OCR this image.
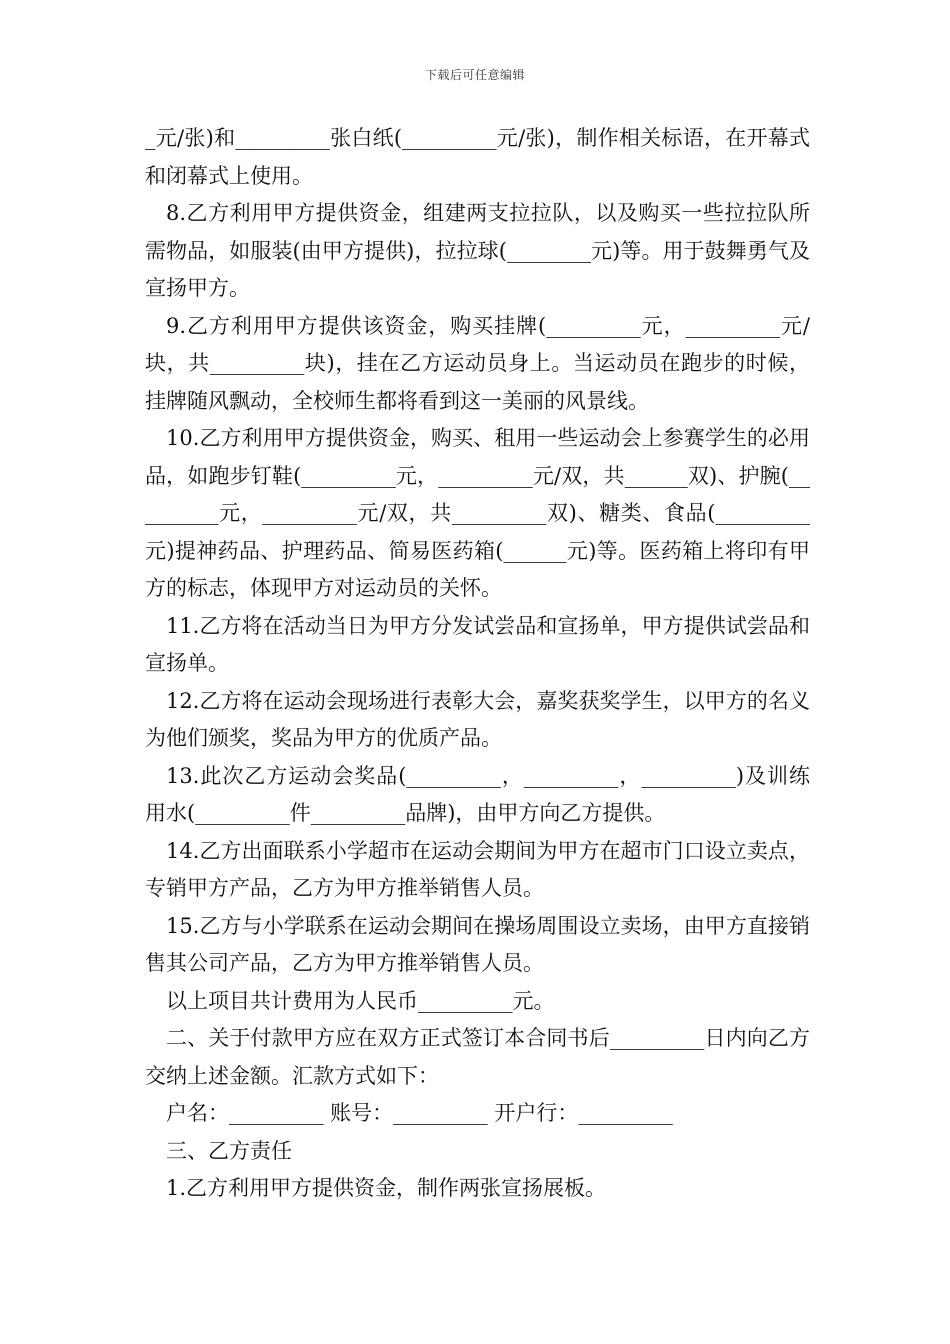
下载后可任意编辑

_元/张)和_________张白纸(_________元/张)，制作相关标语，在开幕式和闭幕式上使用。

8.乙方利用甲方提供资金，组建两支拉拉队，以及购买一些拉拉队所需物品，如服装(由甲方提供)，拉拉球(________元)等。用于鼓舞勇气及宣扬甲方。

9.乙方利用甲方提供该资金，购买挂牌(_________元，_________元/块，共_________块)，挂在乙方运动员身上。当运动员在跑步的时候，挂牌随风飘动，全校师生都将看到这一美丽的风景线。

10.乙方利用甲方提供资金，购买、租用一些运动会上参赛学生的必用品，如跑步钉鞋(_________元，_________元/双，共______双)、护腕(_________元，_________元/双，共_________双)、糖类、食品(_________元)提神药品、护理药品、简易医药箱(______元)等。医药箱上将印有甲方的标志，体现甲方对运动员的关怀。

11.乙方将在活动当日为甲方分发试尝品和宣扬单，甲方提供试尝品和宣扬单。

12.乙方将在运动会现场进行表彰大会，嘉奖获奖学生，以甲方的名义为他们颁奖，奖品为甲方的优质产品。

13.此次乙方运动会奖品(_________，_________，_________)及训练用水(_________件_________品牌)，由甲方向乙方提供。

14.乙方出面联系小学超市在运动会期间为甲方在超市门口设立卖点，专销甲方产品，乙方为甲方推举销售人员。

15.乙方与小学联系在运动会期间在操场周围设立卖场，由甲方直接销售其公司产品，乙方为甲方推举销售人员。

以上项目共计费用为人民币_________元。

二、关于付款甲方应在双方正式签订本合同书后_________日内向乙方交纳上述金额。汇款方式如下：

户名：_________ 账号：_________ 开户行：_________

三、乙方责任

1.乙方利用甲方提供资金，制作两张宣扬展板。
